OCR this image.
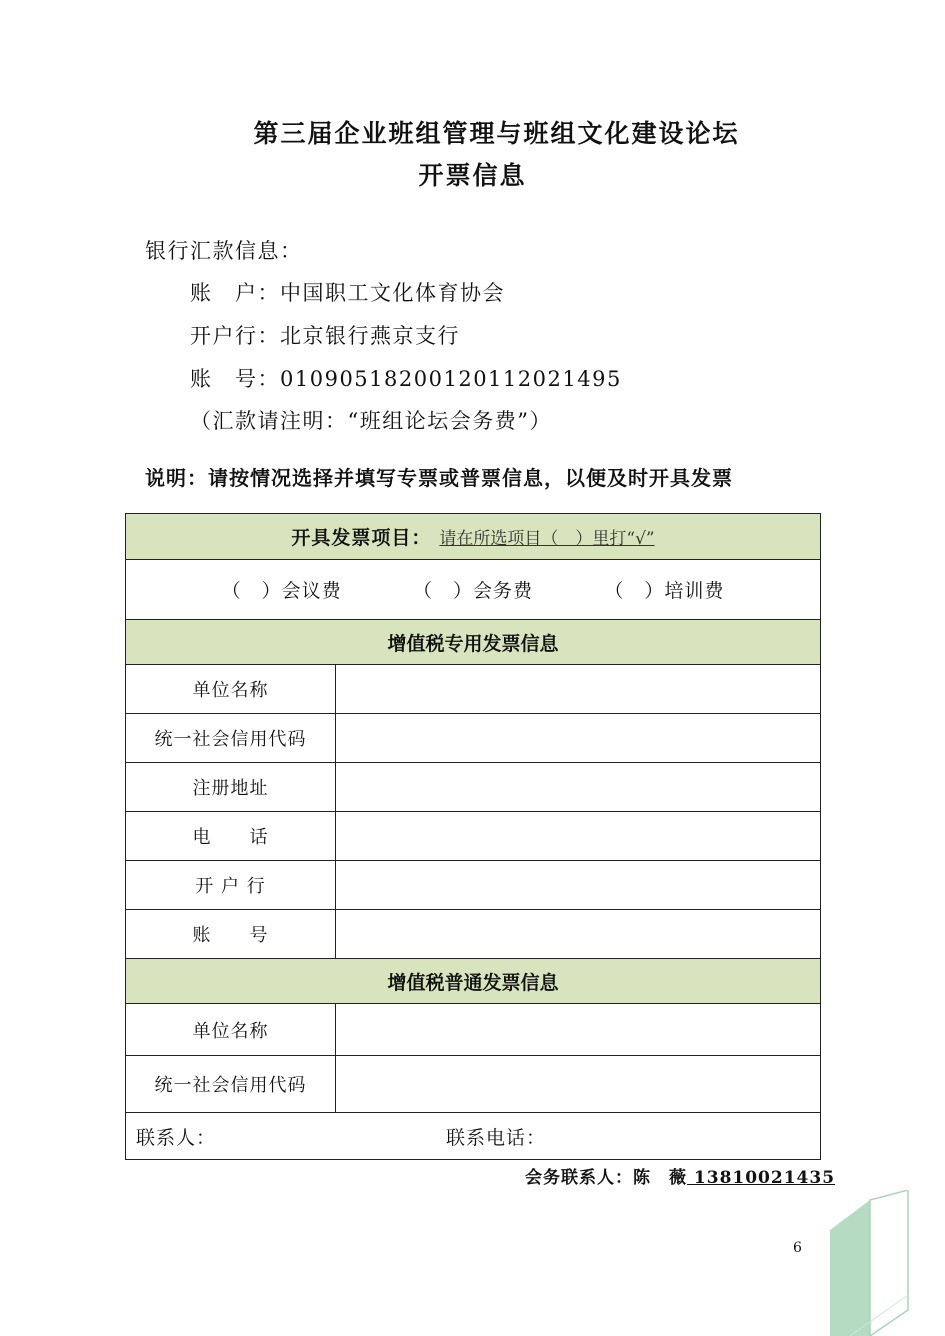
第三届企业班组管理与班组文化建设论坛
开票信息
银行汇款信息：
账　户：中国职工文化体育协会
开户行：北京银行燕京支行
账　号：01090518200120112021495
（汇款请注明：“班组论坛会务费”）
说明：请按情况选择并填写专票或普票信息，以便及时开具发票
开具发票项目： 请在所选项目（　）里打“√”	

（　）会议费 （　）会务费 （　）培训费	

增值税专用发票信息	
单位名称	
统一社会信用代码	
注册地址	
电　　话	
开 户 行	
账　　号	
增值税普通发票信息	
单位名称	
统一社会信用代码	

联系人： 联系电话：	
会务联系人：陈　薇 13810021435
6
